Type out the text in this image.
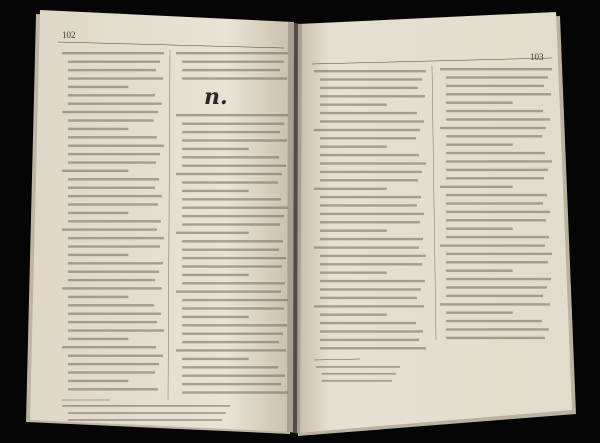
102
103
n.
